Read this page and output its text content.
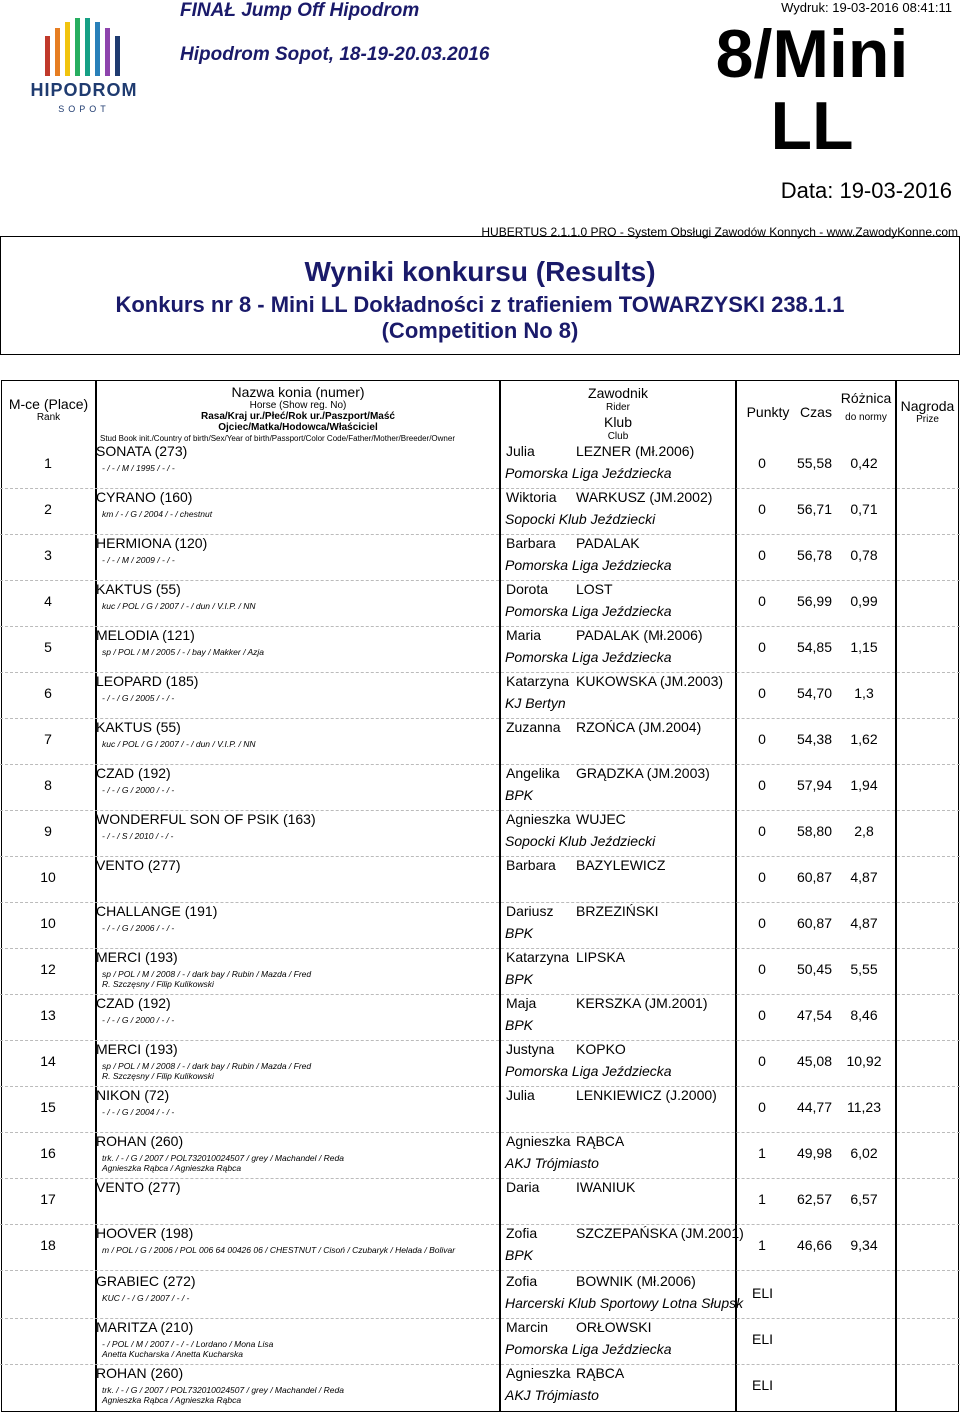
HIPODROM
SOPOT
FINAŁ Jump Off Hipodrom
Hipodrom Sopot, 18-19-20.03.2016
Wydruk: 19-03-2016 08:41:11
8/Mini
LL
Data: 19-03-2016
HUBERTUS 2.1.1.0 PRO - System Obsługi Zawodów Konnych - www.ZawodyKonne.com
Wyniki konkursu (Results)
Konkurs nr 8 - Mini LL Dokładności z trafieniem TOWARZYSKI 238.1.1
(Competition No 8)
M-ce (Place)
Rank
Nazwa konia (numer)
Horse (Show reg. No)
Rasa/Kraj ur./Płeć/Rok ur./Paszport/Maść
Ojciec/Matka/Hodowca/Właściciel
Stud Book init./Country of birth/Sex/Year of birth/Passport/Color Code/Father/Mother/Breeder/Owner
Zawodnik
Rider
Klub
Club
Punkty Czas
Różnica
do normy
Nagroda
Prize
1
SONATA (273)
- / - / M / 1995 / - / -
Julia	LEZNER (Mł.2006)
Pomorska Liga Jeździecka
0	55,58	0,42
2
CYRANO (160)
km / - / G / 2004 / - / chestnut
Wiktoria WARKUSZ (JM.2002)
Sopocki Klub Jeździecki
0	56,71	0,71
3
HERMIONA (120)
- / - / M / 2009 / - / -
Barbara PADALAK
Pomorska Liga Jeździecka
0	56,78	0,78
4
KAKTUS (55)
kuc / POL / G / 2007 / - / dun / V.I.P. / NN
Dorota LOST
Pomorska Liga Jeździecka
0	56,99	0,99
5
MELODIA (121)
sp / POL / M / 2005 / - / bay / Makker / Azja
Maria PADALAK (Mł.2006)
Pomorska Liga Jeździecka
0	54,85	1,15
6
LEOPARD (185)
- / - / G / 2005 / - / -
Katarzyna KUKOWSKA (JM.2003)
KJ Bertyn
0	54,70	1,3
7
KAKTUS (55)
kuc / POL / G / 2007 / - / dun / V.I.P. / NN
Zuzanna RZOŃCA (JM.2004)
0	54,38	1,62
8
CZAD (192)
- / - / G / 2000 / - / -
Angelika GRĄDZKA (JM.2003)
BPK
0	57,94	1,94
9
WONDERFUL SON OF PSIK (163)
- / - / S / 2010 / - / -
Agnieszka WUJEC
Sopocki Klub Jeździecki
0	58,80	2,8
10
VENTO (277)	Barbara BAZYLEWICZ
0	60,87	4,87
10
CHALLANGE (191)
- / - / G / 2006 / - / -
Dariusz BRZEZIŃSKI
BPK
0	60,87	4,87
12
MERCI (193)
sp / POL / M / 2008 / - / dark bay / Rubin / Mazda / Fred
R. Szczęsny / Filip Kulikowski
Katarzyna LIPSKA
BPK
0	50,45	5,55
13
CZAD (192)
- / - / G / 2000 / - / -
Maja	KERSZKA (JM.2001)
BPK
0	47,54	8,46
14
MERCI (193)
sp / POL / M / 2008 / - / dark bay / Rubin / Mazda / Fred
R. Szczęsny / Filip Kulikowski
Justyna KOPKO
Pomorska Liga Jeździecka
0	45,08	10,92
15
NIKON (72)
- / - / G / 2004 / - / -
Julia	LENKIEWICZ (J.2000)
0	44,77	11,23
16
ROHAN (260)
trk. / - / G / 2007 / POL732010024507 / grey / Machandel / Reda
Agnieszka Rąbca / Agnieszka Rąbca
Agnieszka RĄBCA
AKJ Trójmiasto
1	49,98	6,02
17
VENTO (277)	Daria	IWANIUK
1	62,57	6,57
18
HOOVER (198)
m / POL / G / 2006 / POL 006 64 00426 06 / CHESTNUT / Cisoń / Czubaryk / Helada / Bolivar
Zofia	SZCZEPAŃSKA (JM.2001)
BPK
1	46,66	9,34
GRABIEC (272)
KUC / - / G / 2007 / - / -
Zofia	BOWNIK (Mł.2006)
Harcerski Klub Sportowy Lotna Słupsk
ELI
MARITZA (210)
- / POL / M / 2007 / - / - / Lordano / Mona Lisa
Anetta Kucharska / Anetta Kucharska
Marcin ORŁOWSKI
Pomorska Liga Jeździecka
ELI
ROHAN (260)
trk. / - / G / 2007 / POL732010024507 / grey / Machandel / Reda
Agnieszka Rąbca / Agnieszka Rąbca
Agnieszka RĄBCA
AKJ Trójmiasto
ELI
